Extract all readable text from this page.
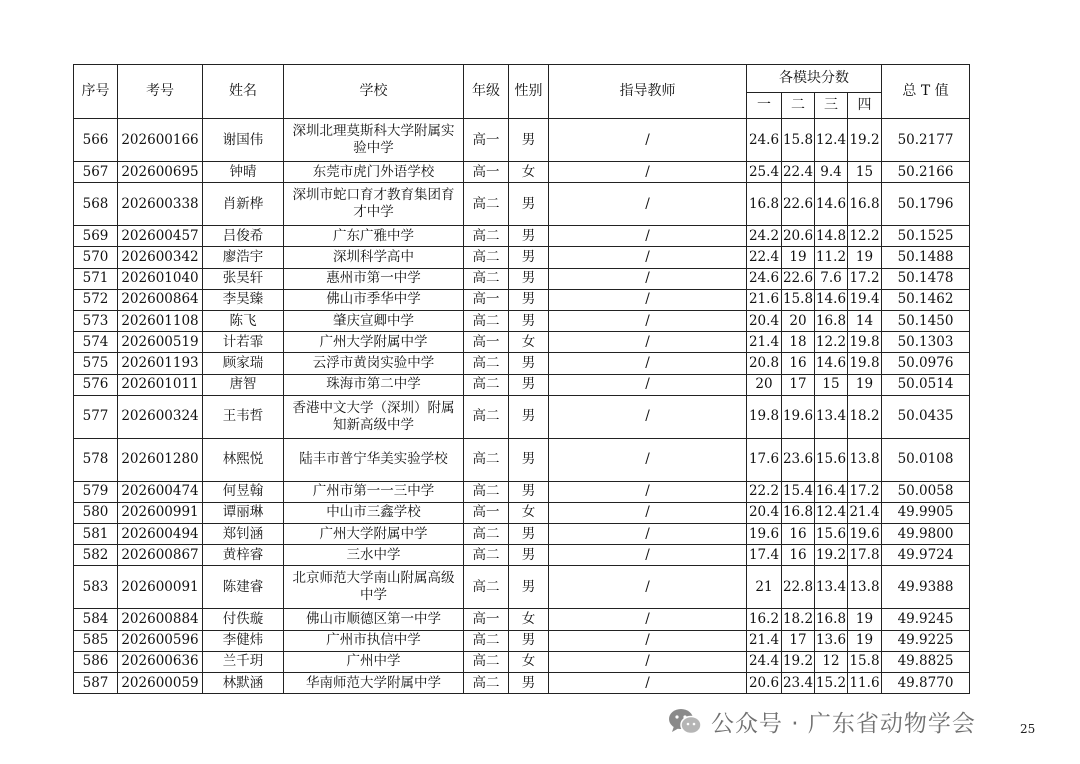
序号	考号	姓名	学校	年级	性别	指导教师	各模块分数				总 T 值
							一	二	三	四	
566	202600166	谢国伟	深圳北理莫斯科大学附属实验中学	高一	男	/	24.6	15.8	12.4	19.2	50.2177
567	202600695	钟晴	东莞市虎门外语学校	高一	女	/	25.4	22.4	9.4	15	50.2166
568	202600338	肖新桦	深圳市蛇口育才教育集团育才中学	高二	男	/	16.8	22.6	14.6	16.8	50.1796
569	202600457	吕俊希	广东广雅中学	高二	男	/	24.2	20.6	14.8	12.2	50.1525
570	202600342	廖浩宇	深圳科学高中	高二	男	/	22.4	19	11.2	19	50.1488
571	202601040	张昊轩	惠州市第一中学	高二	男	/	24.6	22.6	7.6	17.2	50.1478
572	202600864	李昊臻	佛山市季华中学	高一	男	/	21.6	15.8	14.6	19.4	50.1462
573	202601108	陈飞	肇庆宣卿中学	高二	男	/	20.4	20	16.8	14	50.1450
574	202600519	计若霏	广州大学附属中学	高一	女	/	21.4	18	12.2	19.8	50.1303
575	202601193	顾家瑞	云浮市黄岗实验中学	高二	男	/	20.8	16	14.6	19.8	50.0976
576	202601011	唐智	珠海市第二中学	高二	男	/	20	17	15	19	50.0514
577	202600324	王韦哲	香港中文大学（深圳）附属知新高级中学	高二	男	/	19.8	19.6	13.4	18.2	50.0435
578	202601280	林熙悦	陆丰市普宁华美实验学校	高二	男	/	17.6	23.6	15.6	13.8	50.0108
579	202600474	何昱翰	广州市第一一三中学	高二	男	/	22.2	15.4	16.4	17.2	50.0058
580	202600991	谭丽琳	中山市三鑫学校	高一	女	/	20.4	16.8	12.4	21.4	49.9905
581	202600494	郑钊涵	广州大学附属中学	高二	男	/	19.6	16	15.6	19.6	49.9800
582	202600867	黄梓睿	三水中学	高二	男	/	17.4	16	19.2	17.8	49.9724
583	202600091	陈建睿	北京师范大学南山附属高级中学	高二	男	/	21	22.8	13.4	13.8	49.9388
584	202600884	付佚璇	佛山市顺德区第一中学	高一	女	/	16.2	18.2	16.8	19	49.9245
585	202600596	李健炜	广州市执信中学	高二	男	/	21.4	17	13.6	19	49.9225
586	202600636	兰千玥	广州中学	高二	女	/	24.4	19.2	12	15.8	49.8825
587	202600059	林默涵	华南师范大学附属中学	高二	男	/	20.6	23.4	15.2	11.6	49.8770
公众号 · 广东省动物学会	25
